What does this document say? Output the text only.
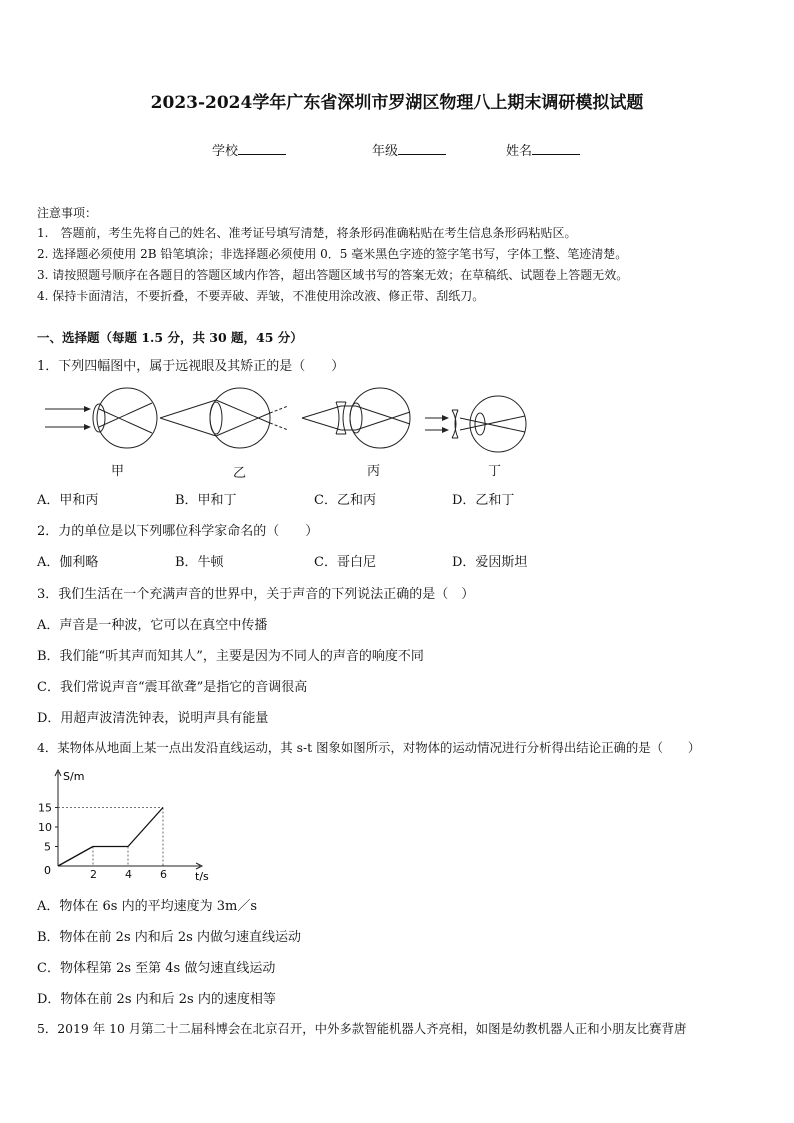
2023-2024学年广东省深圳市罗湖区物理八上期末调研模拟试题
学校	年级	姓名
注意事项：
1.　答题前，考生先将自己的姓名、准考证号填写清楚，将条形码准确粘贴在考生信息条形码粘贴区。
2. 选择题必须使用 2B 铅笔填涂；非选择题必须使用 0．5 毫米黑色字迹的签字笔书写，字体工整、笔迹清楚。
3. 请按照题号顺序在各题目的答题区域内作答，超出答题区域书写的答案无效；在草稿纸、试题卷上答题无效。
4. 保持卡面清洁，不要折叠，不要弄破、弄皱，不准使用涂改液、修正带、刮纸刀。
一、选择题（每题 1.5 分，共 30 题，45 分）
1．下列四幅图中，属于远视眼及其矫正的是（　　）
甲	乙	丙	丁
A．甲和丙	B．甲和丁	C．乙和丙	D．乙和丁
2．力的单位是以下列哪位科学家命名的（　　）
A．伽利略	B．牛顿	C．哥白尼	D．爱因斯坦
3．我们生活在一个充满声音的世界中，关于声音的下列说法正确的是（　）
A．声音是一种波，它可以在真空中传播
B．我们能“听其声而知其人”，主要是因为不同人的声音的响度不同
C．我们常说声音“震耳欲聋”是指它的音调很高
D．用超声波清洗钟表，说明声具有能量
4．某物体从地面上某一点出发沿直线运动，其 s-t 图象如图所示，对物体的运动情况进行分析得出结论正确的是（　　）
2	4	6
5
10
15
S/m
t/s
0
A．物体在 6s 内的平均速度为 3m／s
B．物体在前 2s 内和后 2s 内做匀速直线运动
C．物体程第 2s 至第 4s 做匀速直线运动
D．物体在前 2s 内和后 2s 内的速度相等
5．2019 年 10 月第二十二届科博会在北京召开，中外多款智能机器人齐亮相，如图是幼教机器人正和小朋友比赛背唐
